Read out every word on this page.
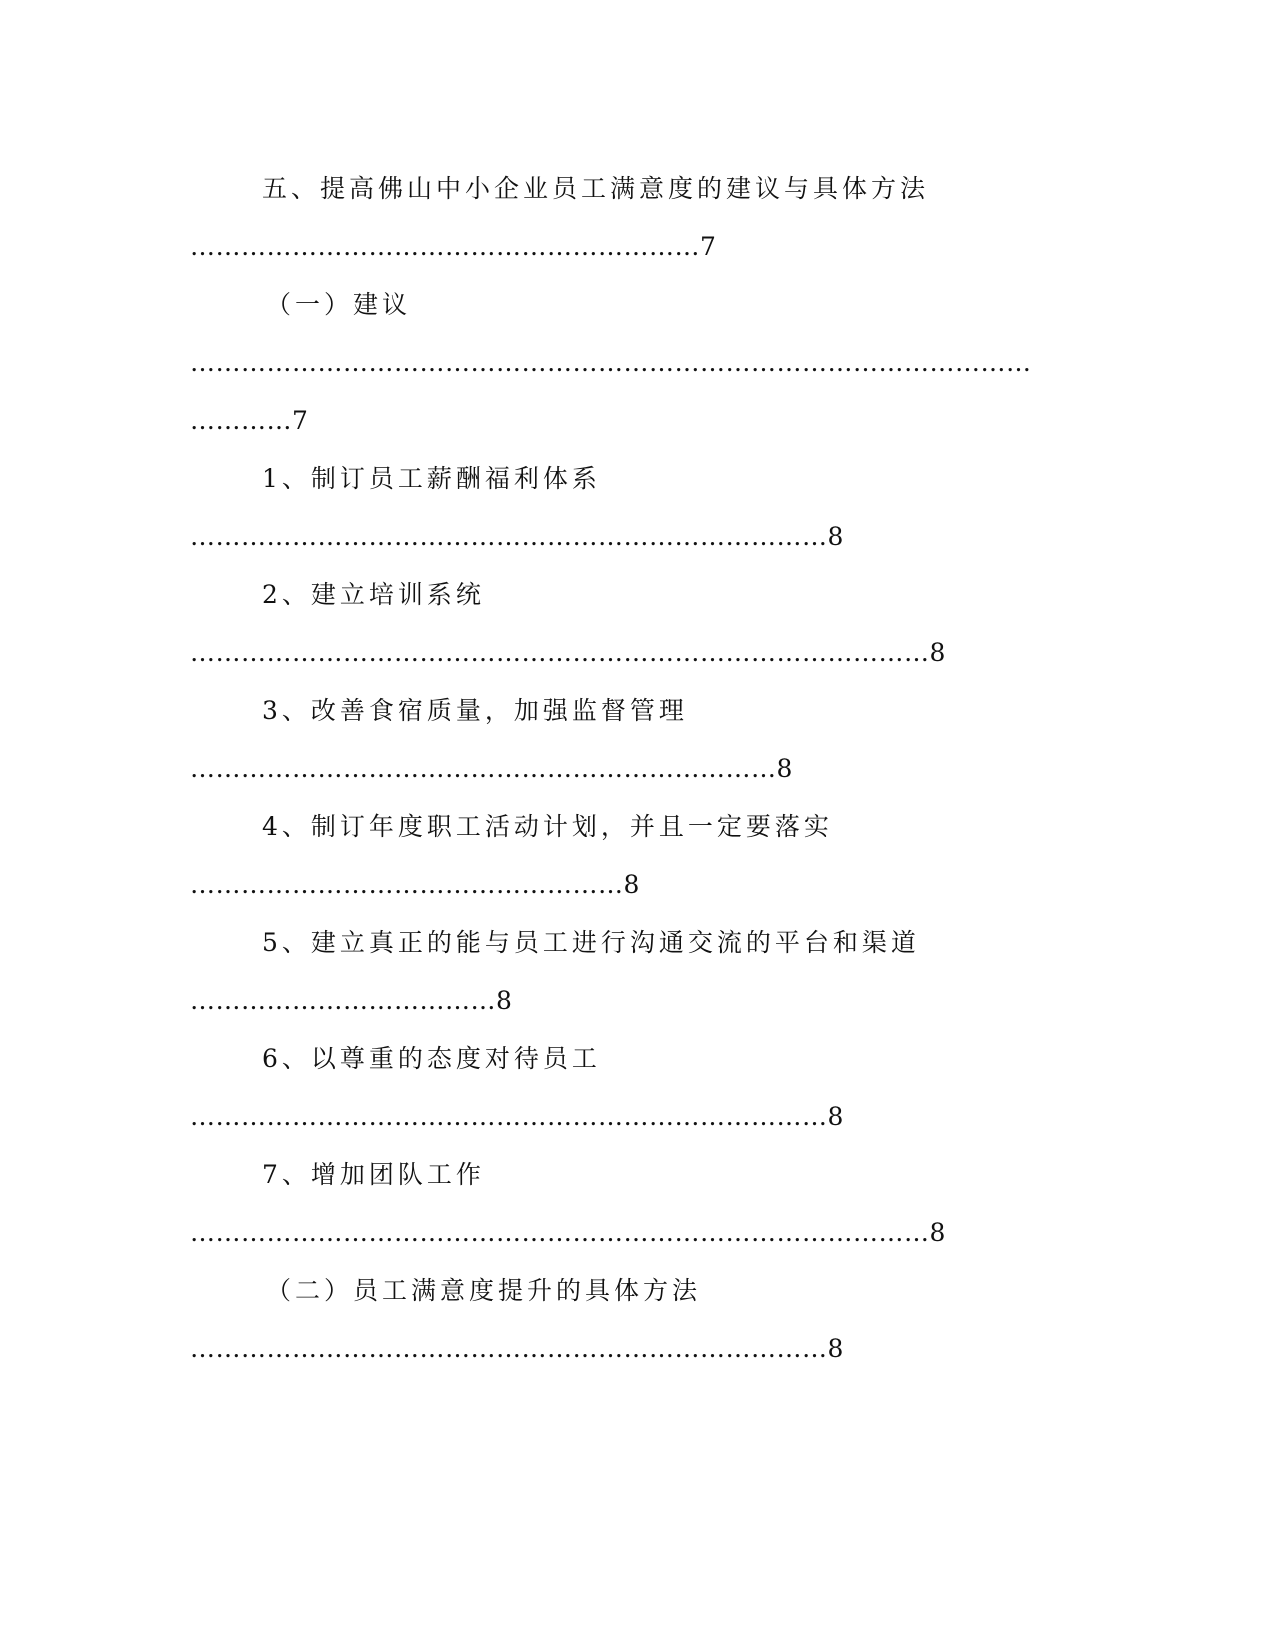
五、提高佛山中小企业员工满意度的建议与具体方法
……………………………………………………7
（一）建议
………………………………………………………………………………………
…………7
1、制订员工薪酬福利体系
…………………………………………………………………8
2、建立培训系统
……………………………………………………………………………8
3、改善食宿质量，加强监督管理
……………………………………………………………8
4、制订年度职工活动计划，并且一定要落实
……………………………………………8
5、建立真正的能与员工进行沟通交流的平台和渠道
………………………………8
6、以尊重的态度对待员工
…………………………………………………………………8
7、增加团队工作
……………………………………………………………………………8
（二）员工满意度提升的具体方法
…………………………………………………………………8
